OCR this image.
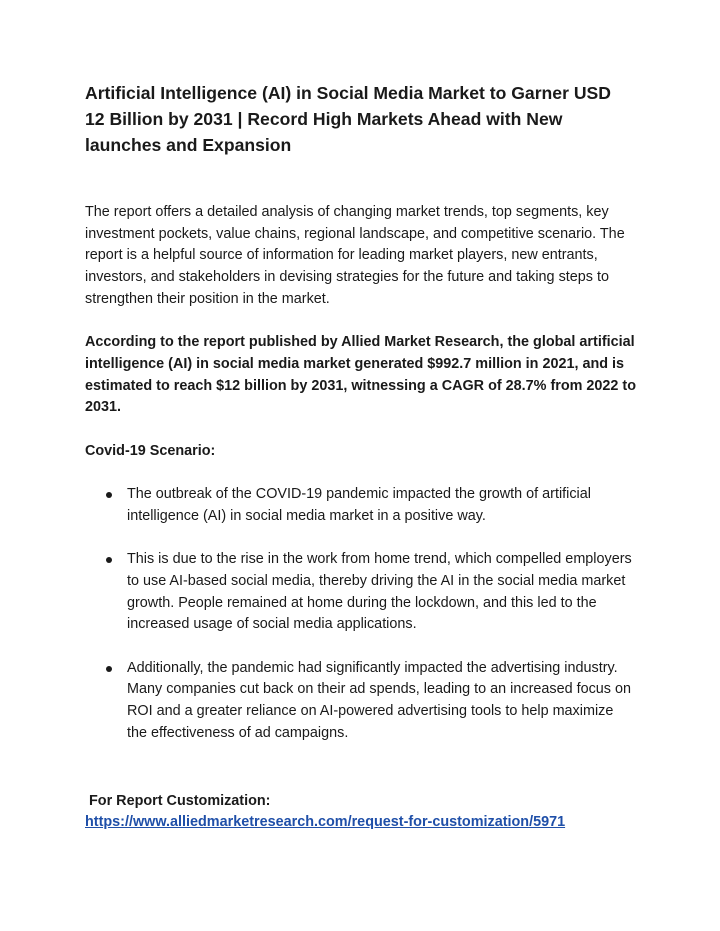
Artificial Intelligence (AI) in Social Media Market to Garner USD 12 Billion by 2031 | Record High Markets Ahead with New launches and Expansion

The report offers a detailed analysis of changing market trends, top segments, key investment pockets, value chains, regional landscape, and competitive scenario. The report is a helpful source of information for leading market players, new entrants, investors, and stakeholders in devising strategies for the future and taking steps to strengthen their position in the market.

According to the report published by Allied Market Research, the global artificial intelligence (AI) in social media market generated $992.7 million in 2021, and is estimated to reach $12 billion by 2031, witnessing a CAGR of 28.7% from 2022 to 2031.

Covid-19 Scenario:

The outbreak of the COVID-19 pandemic impacted the growth of artificial intelligence (AI) in social media market in a positive way.
This is due to the rise in the work from home trend, which compelled employers to use AI-based social media, thereby driving the AI in the social media market growth. People remained at home during the lockdown, and this led to the increased usage of social media applications.
Additionally, the pandemic had significantly impacted the advertising industry. Many companies cut back on their ad spends, leading to an increased focus on ROI and a greater reliance on AI-powered advertising tools to help maximize the effectiveness of ad campaigns.
For Report Customization:
https://www.alliedmarketresearch.com/request-for-customization/5971
